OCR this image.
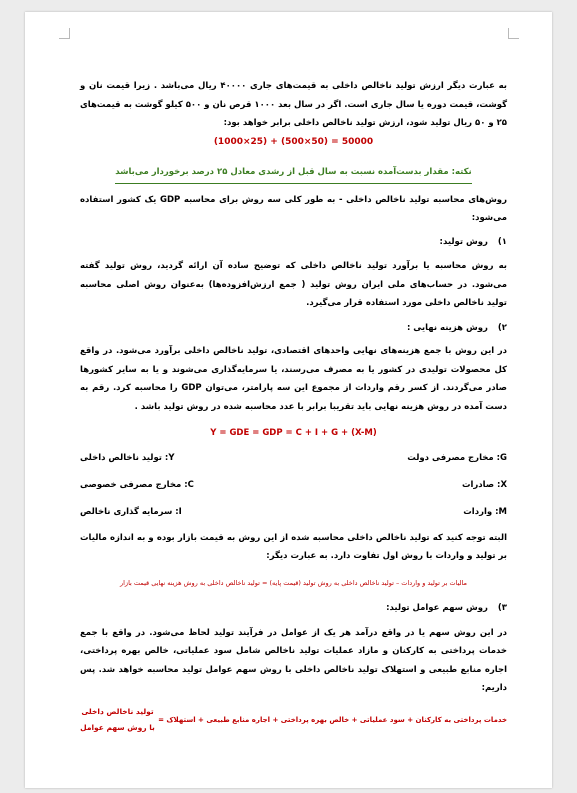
به عبارت دیگر ارزش تولید ناخالص داخلی به قیمت‌های جاری ۴۰۰۰۰ ریال می‌باشد . زیرا قیمت نان و گوشت، قیمت دوره یا سال جاری است. اگر در سال بعد ۱۰۰۰ قرص نان و ۵۰۰ کیلو گوشت به قیمت‌های ۲۵ و ۵۰ ریال تولید شود، ارزش تولید ناخالص داخلی برابر خواهد بود:

(1000×25) + (500×50) = 50000

نکته: مقدار بدست‌آمده نسبت به سال قبل از رشدی معادل ۲۵ درصد برخوردار می‌باشد

روش‌های محاسبه تولید ناخالص داخلی - به طور کلی سه روش برای محاسبه GDP یک کشور استفاده می‌شود:

۱)روش تولید:

به روش محاسبه یا برآورد تولید ناخالص داخلی که توضیح ساده آن ارائه گردید، روش تولید گفته می‌شود. در حساب‌های ملی ایران روش تولید ( جمع ارزش‌افزوده‌ها) به‌عنوان روش اصلی محاسبه تولید ناخالص داخلی مورد استفاده قرار می‌گیرد.

۲)روش هزینه نهایی :

در این روش با جمع هزینه‌های نهایی واحدهای اقتصادی، تولید ناخالص داخلی برآورد می‌شود. در واقع کل محصولات تولیدی در کشور یا به مصرف می‌رسند، یا سرمایه‌گذاری می‌شوند و یا به سایر کشورها صادر می‌گردند. از کسر رقم واردات از مجموع این سه پارامتر، می‌توان GDP را محاسبه کرد. رقم به دست آمده در روش هزینه نهایی باید تقریبا برابر با عدد محاسبه شده در روش تولید باشد .

Y = GDE = GDP = C + I + G + (X-M)

G: مخارج مصرفی دولت
Y: تولید ناخالص داخلی
X: صادرات
C: مخارج مصرفی خصوصی
M: واردات
I: سرمایه گذاری ناخالص

البته توجه کنید که تولید ناخالص داخلی محاسبه شده از این روش به قیمت بازار بوده و به اندازه مالیات بر تولید و واردات با روش اول تفاوت دارد. به عبارت دیگر:

مالیات بر تولید و واردات – تولید ناخالص داخلی به روش تولید (قیمت پایه) = تولید ناخالص داخلی به روش هزینه نهایی قیمت بازار

۳)روش سهم عوامل تولید:

در این روش سهم یا در واقع درآمد هر یک از عوامل در فرآیند تولید لحاظ می‌شود. در واقع با جمع خدمات پرداختی به کارکنان و مازاد عملیات تولید ناخالص شامل سود عملیاتی، خالص بهره پرداختی، اجاره منابع طبیعی و استهلاک تولید ناخالص داخلی با روش سهم عوامل تولید محاسبه خواهد شد. پس داریم:

خدمات پرداختی به کارکنان + سود عملیاتی + خالص بهره پرداختی + اجاره منابع طبیعی + استهلاک =
تولید ناخالص داخلی
با روش سهم عوامل
